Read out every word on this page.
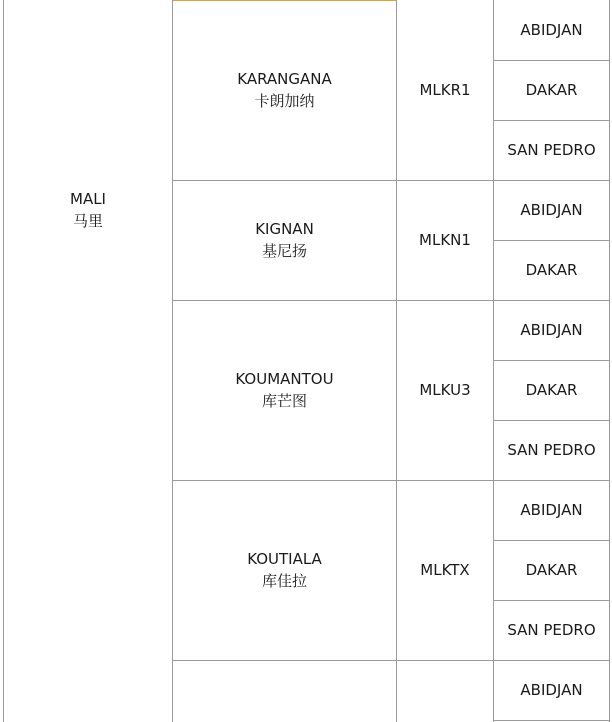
MALI
马里
KARANGANA
卡朗加纳
MLKR1
ABIDJAN
DAKAR
SAN PEDRO
KIGNAN
基尼扬
MLKN1
ABIDJAN
DAKAR
KOUMANTOU
库芒图
MLKU3
ABIDJAN
DAKAR
SAN PEDRO
KOUTIALA
库佳拉
MLKTX
ABIDJAN
DAKAR
SAN PEDRO
ABIDJAN
